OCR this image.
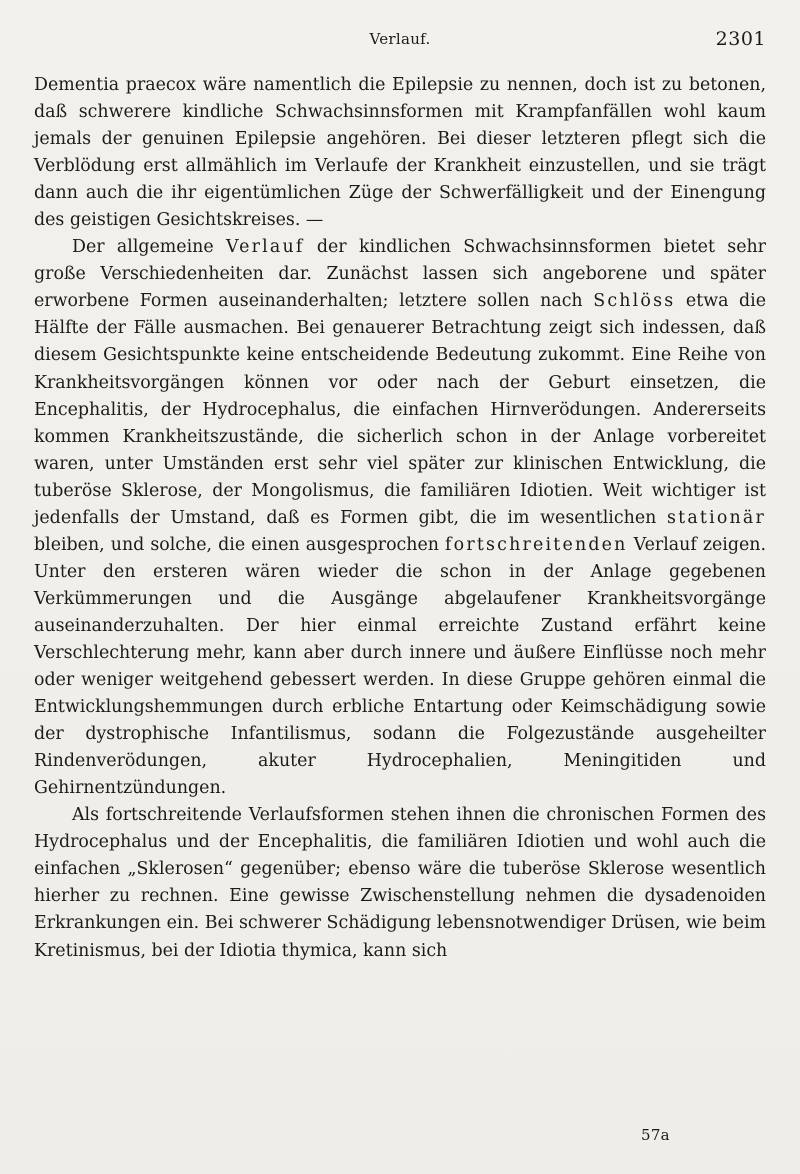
Verlauf.	2301

Dementia praecox wäre namentlich die Epilepsie zu nennen, doch ist zu betonen, daß schwerere kindliche Schwachsinnsformen mit Krampfanfällen wohl kaum jemals der genuinen Epilepsie angehören. Bei dieser letzteren pflegt sich die Verblödung erst allmählich im Verlaufe der Krankheit einzustellen, und sie trägt dann auch die ihr eigentümlichen Züge der Schwerfälligkeit und der Einengung des geistigen Gesichtskreises. —

Der allgemeine Verlauf der kindlichen Schwachsinnsformen bietet sehr große Verschiedenheiten dar. Zunächst lassen sich angeborene und später erworbene Formen auseinanderhalten; letztere sollen nach Schlöss etwa die Hälfte der Fälle ausmachen. Bei genauerer Betrachtung zeigt sich indessen, daß diesem Gesichtspunkte keine entscheidende Bedeutung zukommt. Eine Reihe von Krankheitsvorgängen können vor oder nach der Geburt einsetzen, die Encephalitis, der Hydrocephalus, die einfachen Hirnverödungen. Andererseits kommen Krankheitszustände, die sicherlich schon in der Anlage vorbereitet waren, unter Umständen erst sehr viel später zur klinischen Entwicklung, die tuberöse Sklerose, der Mongolismus, die familiären Idiotien. Weit wichtiger ist jedenfalls der Umstand, daß es Formen gibt, die im wesentlichen stationär bleiben, und solche, die einen ausgesprochen fortschreitenden Verlauf zeigen. Unter den ersteren wären wieder die schon in der Anlage gegebenen Verkümmerungen und die Ausgänge abgelaufener Krankheitsvorgänge auseinanderzuhalten. Der hier einmal erreichte Zustand erfährt keine Verschlechterung mehr, kann aber durch innere und äußere Einflüsse noch mehr oder weniger weitgehend gebessert werden. In diese Gruppe gehören einmal die Entwicklungshemmungen durch erbliche Entartung oder Keimschädigung sowie der dystrophische Infantilismus, sodann die Folgezustände ausgeheilter Rindenverödungen, akuter Hydrocephalien, Meningitiden und Gehirnentzündungen.

Als fortschreitende Verlaufsformen stehen ihnen die chronischen Formen des Hydrocephalus und der Encephalitis, die familiären Idiotien und wohl auch die einfachen „Sklerosen“ gegenüber; ebenso wäre die tuberöse Sklerose wesentlich hierher zu rechnen. Eine gewisse Zwischenstellung nehmen die dysadenoiden Erkrankungen ein. Bei schwerer Schädigung lebensnotwendiger Drüsen, wie beim Kretinismus, bei der Idiotia thymica, kann sich

57a
